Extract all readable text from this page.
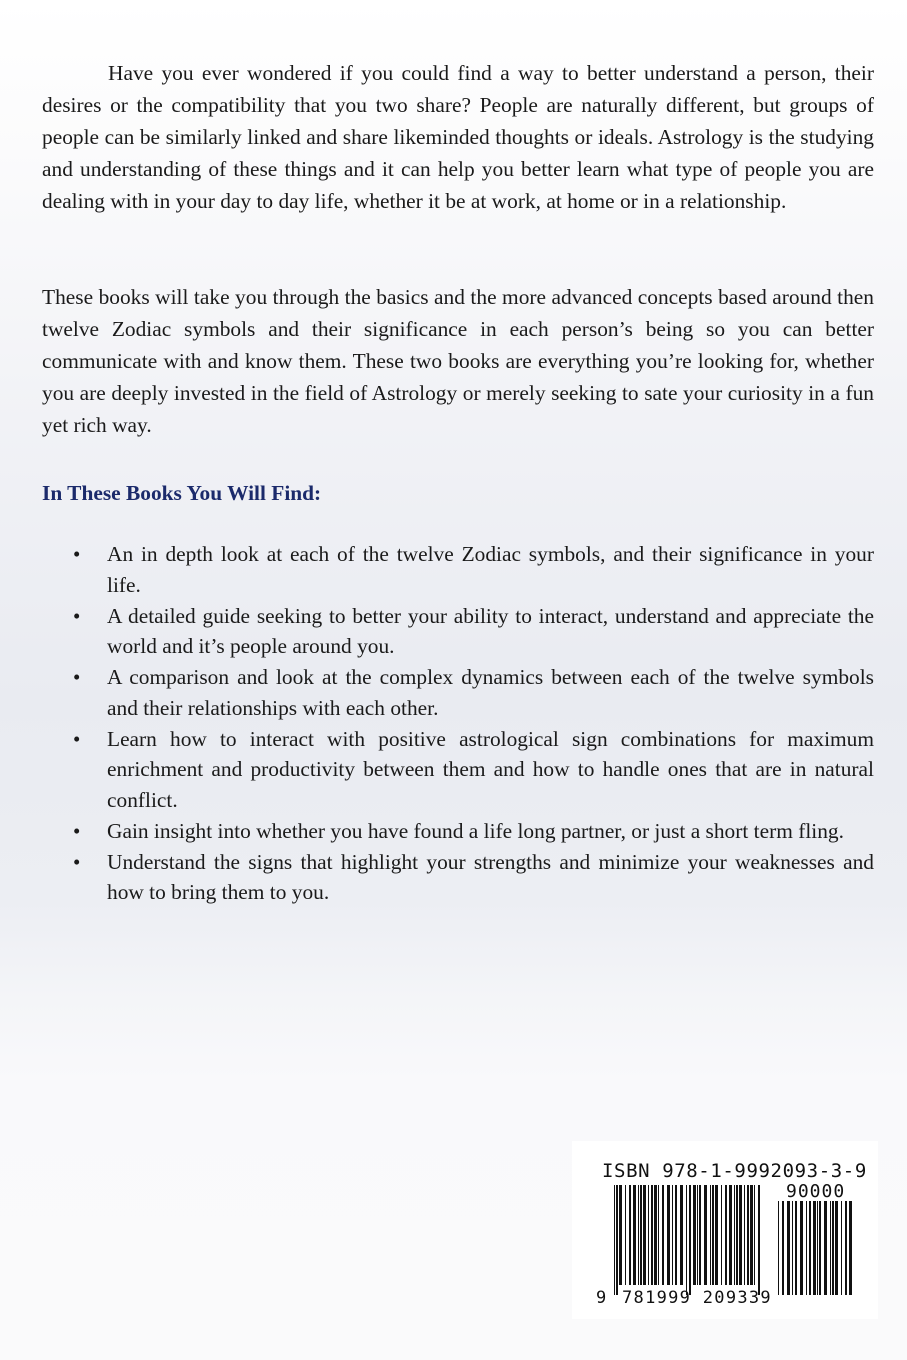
Have you ever wondered if you could find a way to better understand a person, their desires or the compatibility that you two share? People are naturally different, but groups of people can be similarly linked and share likeminded thoughts or ideals. Astrology is the studying and understanding of these things and it can help you better learn what type of people you are dealing with in your day to day life, whether it be at work, at home or in a relationship.

These books will take you through the basics and the more advanced concepts based around then twelve Zodiac symbols and their significance in each person’s being so you can better communicate with and know them. These two books are everything you’re looking for, whether you are deeply invested in the field of Astrology or merely seeking to sate your curiosity in a fun yet rich way.

In These Books You Will Find:
• An in depth look at each of the twelve Zodiac symbols, and their significance in your life.
• A detailed guide seeking to better your ability to interact, understand and appreciate the world and it’s people around you.
• A comparison and look at the complex dynamics between each of the twelve symbols and their relationships with each other.
• Learn how to interact with positive astrological sign combinations for maximum enrichment and productivity between them and how to handle ones that are in natural conflict.
• Gain insight into whether you have found a life long partner, or just a short term fling.
• Understand the signs that highlight your strengths and minimize your weaknesses and how to bring them to you.
ISBN 978-1-9992093-3-9
90000
9 781999 209339
